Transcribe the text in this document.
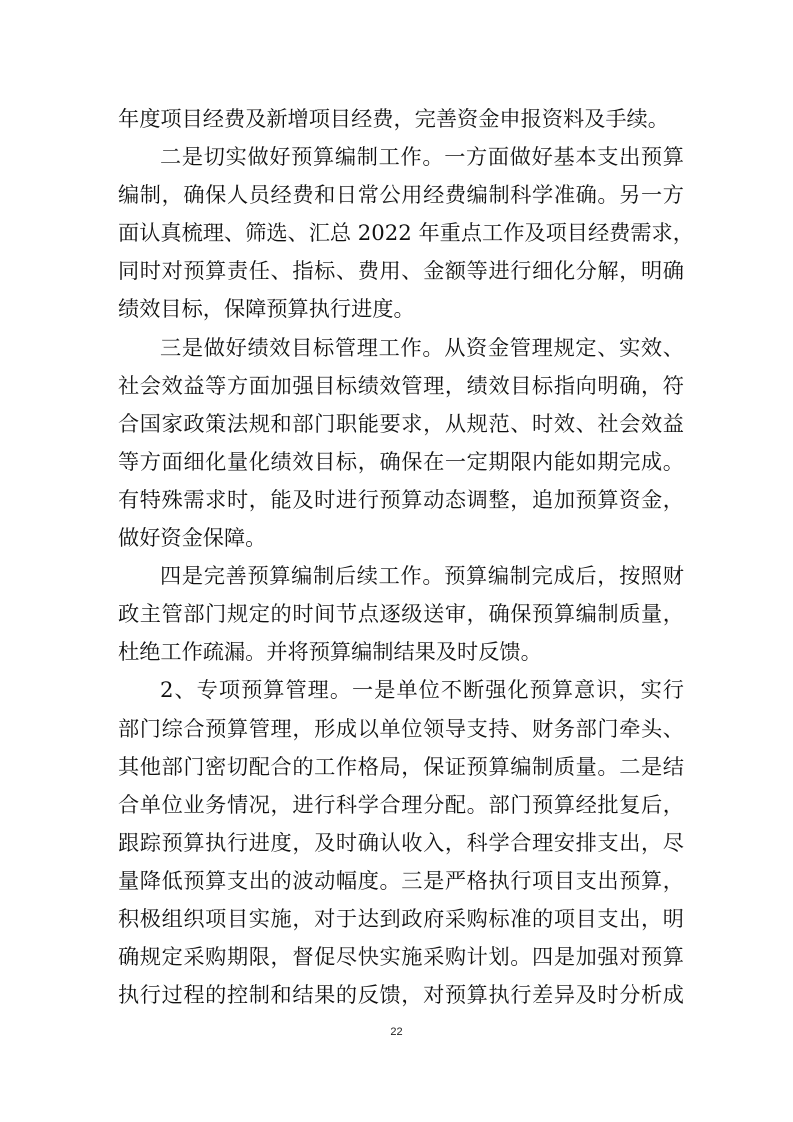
年度项目经费及新增项目经费，完善资金申报资料及手续。
二是切实做好预算编制工作。一方面做好基本支出预算
编制，确保人员经费和日常公用经费编制科学准确。另一方
面认真梳理、筛选、汇总 2022 年重点工作及项目经费需求，
同时对预算责任、指标、费用、金额等进行细化分解，明确
绩效目标，保障预算执行进度。
三是做好绩效目标管理工作。从资金管理规定、实效、
社会效益等方面加强目标绩效管理，绩效目标指向明确，符
合国家政策法规和部门职能要求，从规范、时效、社会效益
等方面细化量化绩效目标，确保在一定期限内能如期完成。
有特殊需求时，能及时进行预算动态调整，追加预算资金，
做好资金保障。
四是完善预算编制后续工作。预算编制完成后，按照财
政主管部门规定的时间节点逐级送审，确保预算编制质量，
杜绝工作疏漏。并将预算编制结果及时反馈。
2、专项预算管理。一是单位不断强化预算意识，实行
部门综合预算管理，形成以单位领导支持、财务部门牵头、
其他部门密切配合的工作格局，保证预算编制质量。二是结
合单位业务情况，进行科学合理分配。部门预算经批复后，
跟踪预算执行进度，及时确认收入，科学合理安排支出，尽
量降低预算支出的波动幅度。三是严格执行项目支出预算，
积极组织项目实施，对于达到政府采购标准的项目支出，明
确规定采购期限，督促尽快实施采购计划。四是加强对预算
执行过程的控制和结果的反馈，对预算执行差异及时分析成
22
